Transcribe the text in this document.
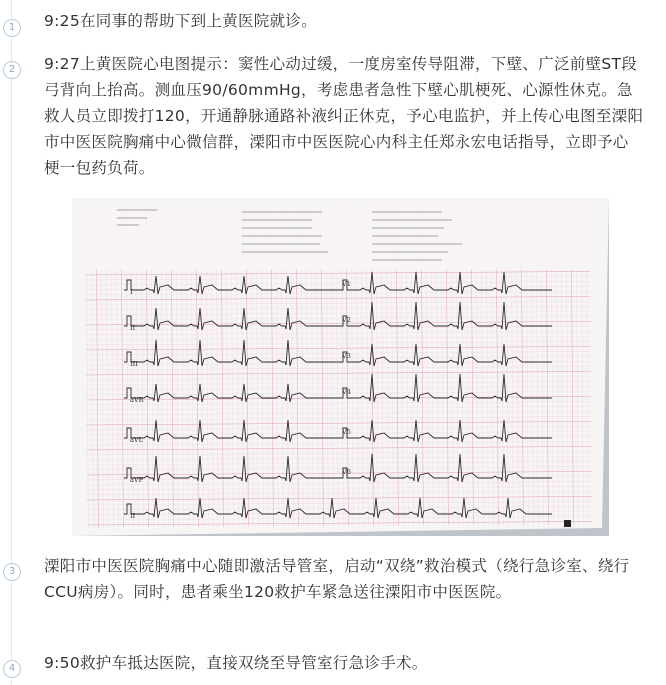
1	9:25在同事的帮助下到上黄医院就诊。

2	9:27上黄医院心电图提示：窦性心动过缓，一度房室传导阻滞，下壁、广泛前壁ST段弓背向上抬高。测血压90/60mmHg，考虑患者急性下壁心肌梗死、心源性休克。急救人员立即拨打120，开通静脉通路补液纠正休克，予心电监护，并上传心电图至溧阳市中医医院胸痛中心微信群，溧阳市中医医院心内科主任郑永宏电话指导，立即予心梗一包药负荷。

I
V1
II
V2
III
V3
aVR
V4
aVL
V5
aVF
V6
II
3	溧阳市中医医院胸痛中心随即激活导管室，启动“双绕”救治模式（绕行急诊室、绕行CCU病房）。同时，患者乘坐120救护车紧急送往溧阳市中医医院。

4	9:50救护车抵达医院，直接双绕至导管室行急诊手术。
